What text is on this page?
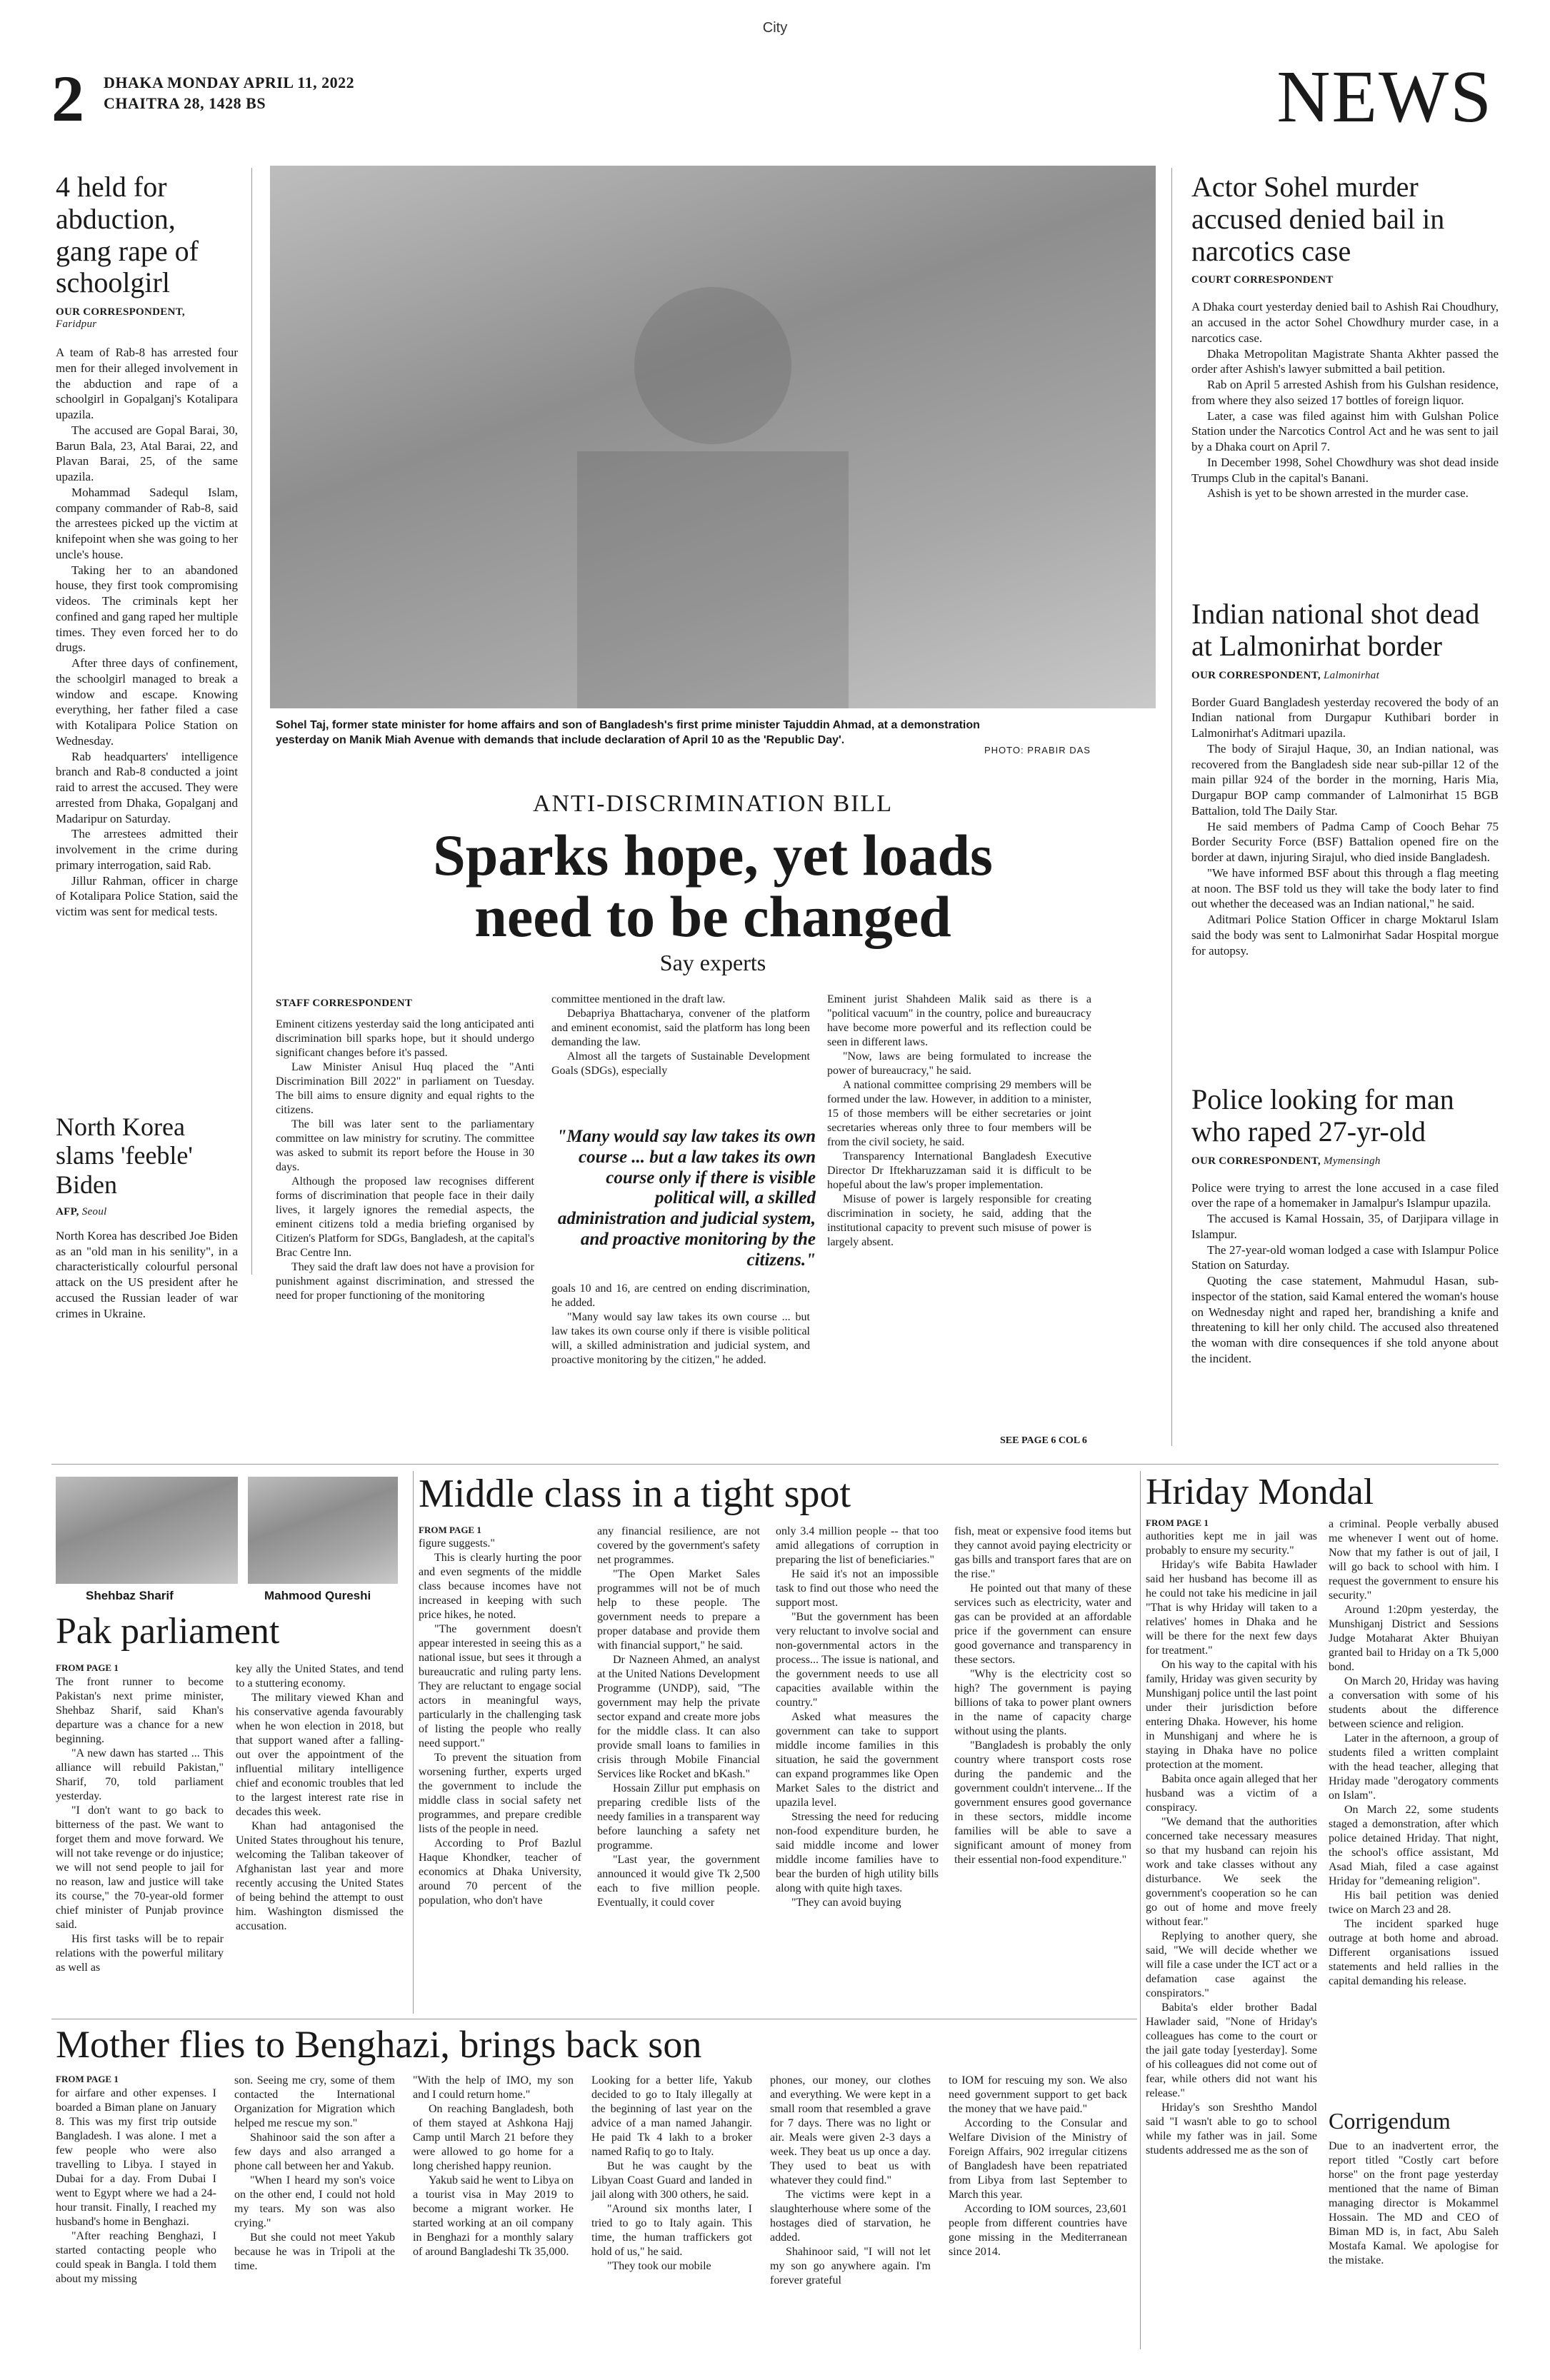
City
2 DHAKA MONDAY APRIL 11, 2022
CHAITRA 28, 1428 BS	NEWS
4 held for abduction, gang rape of schoolgirl
OUR CORRESPONDENT,
Faridpur

A team of Rab-8 has arrested four men for their alleged involvement in the abduction and rape of a schoolgirl in Gopalganj's Kotalipara upazila.

The accused are Gopal Barai, 30, Barun Bala, 23, Atal Barai, 22, and Plavan Barai, 25, of the same upazila.

Mohammad Sadequl Islam, company commander of Rab-8, said the arrestees picked up the victim at knifepoint when she was going to her uncle's house.

Taking her to an abandoned house, they first took compromising videos. The criminals kept her confined and gang raped her multiple times. They even forced her to do drugs.

After three days of confinement, the schoolgirl managed to break a window and escape. Knowing everything, her father filed a case with Kotalipara Police Station on Wednesday.

Rab headquarters' intelligence branch and Rab-8 conducted a joint raid to arrest the accused. They were arrested from Dhaka, Gopalganj and Madaripur on Saturday.

The arrestees admitted their involvement in the crime during primary interrogation, said Rab.

Jillur Rahman, officer in charge of Kotalipara Police Station, said the victim was sent for medical tests.

North Korea slams 'feeble' Biden
AFP, Seoul

North Korea has described Joe Biden as an "old man in his senility", in a characteristically colourful personal attack on the US president after he accused the Russian leader of war crimes in Ukraine.

Sohel Taj, former state minister for home affairs and son of Bangladesh's first prime minister Tajuddin Ahmad, at a demonstration yesterday on Manik Miah Avenue with demands that include declaration of April 10 as the 'Republic Day'.
PHOTO: PRABIR DAS
ANTI-DISCRIMINATION BILL
Sparks hope, yet loads
need to be changed
Say experts
STAFF CORRESPONDENT

Eminent citizens yesterday said the long anticipated anti discrimination bill sparks hope, but it should undergo significant changes before it's passed.

Law Minister Anisul Huq placed the "Anti Discrimination Bill 2022" in parliament on Tuesday. The bill aims to ensure dignity and equal rights to the citizens.

The bill was later sent to the parliamentary committee on law ministry for scrutiny. The committee was asked to submit its report before the House in 30 days.

Although the proposed law recognises different forms of discrimination that people face in their daily lives, it largely ignores the remedial aspects, the eminent citizens told a media briefing organised by Citizen's Platform for SDGs, Bangladesh, at the capital's Brac Centre Inn.

They said the draft law does not have a provision for punishment against discrimination, and stressed the need for proper functioning of the monitoring

committee mentioned in the draft law.

Debapriya Bhattacharya, convener of the platform and eminent economist, said the platform has long been demanding the law.

Almost all the targets of Sustainable Development Goals (SDGs), especially

"Many would say law takes its own course ... but a law takes its own course only if there is visible political will, a skilled administration and judicial system, and proactive monitoring by the citizens."

goals 10 and 16, are centred on ending discrimination, he added.

"Many would say law takes its own course ... but law takes its own course only if there is visible political will, a skilled administration and judicial system, and proactive monitoring by the citizen," he added.

Eminent jurist Shahdeen Malik said as there is a "political vacuum" in the country, police and bureaucracy have become more powerful and its reflection could be seen in different laws.

"Now, laws are being formulated to increase the power of bureaucracy," he said.

A national committee comprising 29 members will be formed under the law. However, in addition to a minister, 15 of those members will be either secretaries or joint secretaries whereas only three to four members will be from the civil society, he said.

Transparency International Bangladesh Executive Director Dr Iftekharuzzaman said it is difficult to be hopeful about the law's proper implementation.

Misuse of power is largely responsible for creating discrimination in society, he said, adding that the institutional capacity to prevent such misuse of power is largely absent.

SEE PAGE 6 COL 6
Actor Sohel murder accused denied bail in narcotics case
COURT CORRESPONDENT

A Dhaka court yesterday denied bail to Ashish Rai Choudhury, an accused in the actor Sohel Chowdhury murder case, in a narcotics case.

Dhaka Metropolitan Magistrate Shanta Akhter passed the order after Ashish's lawyer submitted a bail petition.

Rab on April 5 arrested Ashish from his Gulshan residence, from where they also seized 17 bottles of foreign liquor.

Later, a case was filed against him with Gulshan Police Station under the Narcotics Control Act and he was sent to jail by a Dhaka court on April 7.

In December 1998, Sohel Chowdhury was shot dead inside Trumps Club in the capital's Banani.

Ashish is yet to be shown arrested in the murder case.

Indian national shot dead at Lalmonirhat border
OUR CORRESPONDENT, Lalmonirhat

Border Guard Bangladesh yesterday recovered the body of an Indian national from Durgapur Kuthibari border in Lalmonirhat's Aditmari upazila.

The body of Sirajul Haque, 30, an Indian national, was recovered from the Bangladesh side near sub-pillar 12 of the main pillar 924 of the border in the morning, Haris Mia, Durgapur BOP camp commander of Lalmonirhat 15 BGB Battalion, told The Daily Star.

He said members of Padma Camp of Cooch Behar 75 Border Security Force (BSF) Battalion opened fire on the border at dawn, injuring Sirajul, who died inside Bangladesh.

"We have informed BSF about this through a flag meeting at noon. The BSF told us they will take the body later to find out whether the deceased was an Indian national," he said.

Aditmari Police Station Officer in charge Moktarul Islam said the body was sent to Lalmonirhat Sadar Hospital morgue for autopsy.

Police looking for man who raped 27-yr-old
OUR CORRESPONDENT, Mymensingh

Police were trying to arrest the lone accused in a case filed over the rape of a homemaker in Jamalpur's Islampur upazila.

The accused is Kamal Hossain, 35, of Darjipara village in Islampur.

The 27-year-old woman lodged a case with Islampur Police Station on Saturday.

Quoting the case statement, Mahmudul Hasan, sub-inspector of the station, said Kamal entered the woman's house on Wednesday night and raped her, brandishing a knife and threatening to kill her only child. The accused also threatened the woman with dire consequences if she told anyone about the incident.

Shehbaz Sharif	Mahmood Qureshi
Pak parliament
FROM PAGE 1

The front runner to become Pakistan's next prime minister, Shehbaz Sharif, said Khan's departure was a chance for a new beginning.

"A new dawn has started ... This alliance will rebuild Pakistan," Sharif, 70, told parliament yesterday.

"I don't want to go back to bitterness of the past. We want to forget them and move forward. We will not take revenge or do injustice; we will not send people to jail for no reason, law and justice will take its course," the 70-year-old former chief minister of Punjab province said.

His first tasks will be to repair relations with the powerful military as well as

key ally the United States, and tend to a stuttering economy.

The military viewed Khan and his conservative agenda favourably when he won election in 2018, but that support waned after a falling-out over the appointment of the influential military intelligence chief and economic troubles that led to the largest interest rate rise in decades this week.

Khan had antagonised the United States throughout his tenure, welcoming the Taliban takeover of Afghanistan last year and more recently accusing the United States of being behind the attempt to oust him. Washington dismissed the accusation.

Middle class in a tight spot
FROM PAGE 1

figure suggests."

This is clearly hurting the poor and even segments of the middle class because incomes have not increased in keeping with such price hikes, he noted.

"The government doesn't appear interested in seeing this as a national issue, but sees it through a bureaucratic and ruling party lens. They are reluctant to engage social actors in meaningful ways, particularly in the challenging task of listing the people who really need support."

To prevent the situation from worsening further, experts urged the government to include the middle class in social safety net programmes, and prepare credible lists of the people in need.

According to Prof Bazlul Haque Khondker, teacher of economics at Dhaka University, around 70 percent of the population, who don't have

any financial resilience, are not covered by the government's safety net programmes.

"The Open Market Sales programmes will not be of much help to these people. The government needs to prepare a proper database and provide them with financial support," he said.

Dr Nazneen Ahmed, an analyst at the United Nations Development Programme (UNDP), said, "The government may help the private sector expand and create more jobs for the middle class. It can also provide small loans to families in crisis through Mobile Financial Services like Rocket and bKash."

Hossain Zillur put emphasis on preparing credible lists of the needy families in a transparent way before launching a safety net programme.

"Last year, the government announced it would give Tk 2,500 each to five million people. Eventually, it could cover

only 3.4 million people -- that too amid allegations of corruption in preparing the list of beneficiaries."

He said it's not an impossible task to find out those who need the support most.

"But the government has been very reluctant to involve social and non-governmental actors in the process... The issue is national, and the government needs to use all capacities available within the country."

Asked what measures the government can take to support middle income families in this situation, he said the government can expand programmes like Open Market Sales to the district and upazila level.

Stressing the need for reducing non-food expenditure burden, he said middle income and lower middle income families have to bear the burden of high utility bills along with quite high taxes.

"They can avoid buying

fish, meat or expensive food items but they cannot avoid paying electricity or gas bills and transport fares that are on the rise."

He pointed out that many of these services such as electricity, water and gas can be provided at an affordable price if the government can ensure good governance and transparency in these sectors.

"Why is the electricity cost so high? The government is paying billions of taka to power plant owners in the name of capacity charge without using the plants.

"Bangladesh is probably the only country where transport costs rose during the pandemic and the government couldn't intervene... If the government ensures good governance in these sectors, middle income families will be able to save a significant amount of money from their essential non-food expenditure."

Hriday Mondal
FROM PAGE 1

authorities kept me in jail was probably to ensure my security."

Hriday's wife Babita Hawlader said her husband has become ill as he could not take his medicine in jail "That is why Hriday will taken to a relatives' homes in Dhaka and he will be there for the next few days for treatment."

On his way to the capital with his family, Hriday was given security by Munshiganj police until the last point under their jurisdiction before entering Dhaka. However, his home in Munshiganj and where he is staying in Dhaka have no police protection at the moment.

Babita once again alleged that her husband was a victim of a conspiracy.

"We demand that the authorities concerned take necessary measures so that my husband can rejoin his work and take classes without any disturbance. We seek the government's cooperation so he can go out of home and move freely without fear."

Replying to another query, she said, "We will decide whether we will file a case under the ICT act or a defamation case against the conspirators."

Babita's elder brother Badal Hawlader said, "None of Hriday's colleagues has come to the court or the jail gate today [yesterday]. Some of his colleagues did not come out of fear, while others did not want his release."

Hriday's son Sreshtho Mandol said "I wasn't able to go to school while my father was in jail. Some students addressed me as the son of

a criminal. People verbally abused me whenever I went out of home. Now that my father is out of jail, I will go back to school with him. I request the government to ensure his security."

Around 1:20pm yesterday, the Munshiganj District and Sessions Judge Motaharat Akter Bhuiyan granted bail to Hriday on a Tk 5,000 bond.

On March 20, Hriday was having a conversation with some of his students about the difference between science and religion.

Later in the afternoon, a group of students filed a written complaint with the head teacher, alleging that Hriday made "derogatory comments on Islam".

On March 22, some students staged a demonstration, after which police detained Hriday. That night, the school's office assistant, Md Asad Miah, filed a case against Hriday for "demeaning religion".

His bail petition was denied twice on March 23 and 28.

The incident sparked huge outrage at both home and abroad. Different organisations issued statements and held rallies in the capital demanding his release.

Corrigendum

Due to an inadvertent error, the report titled "Costly cart before horse" on the front page yesterday mentioned that the name of Biman managing director is Mokammel Hossain. The MD and CEO of Biman MD is, in fact, Abu Saleh Mostafa Kamal. We apologise for the mistake.

Mother flies to Benghazi, brings back son
FROM PAGE 1

for airfare and other expenses. I boarded a Biman plane on January 8. This was my first trip outside Bangladesh. I was alone. I met a few people who were also travelling to Libya. I stayed in Dubai for a day. From Dubai I went to Egypt where we had a 24-hour transit. Finally, I reached my husband's home in Benghazi.

"After reaching Benghazi, I started contacting people who could speak in Bangla. I told them about my missing

son. Seeing me cry, some of them contacted the International Organization for Migration which helped me rescue my son."

Shahinoor said the son after a few days and also arranged a phone call between her and Yakub.

"When I heard my son's voice on the other end, I could not hold my tears. My son was also crying."

But she could not meet Yakub because he was in Tripoli at the time.

"With the help of IMO, my son and I could return home."

On reaching Bangladesh, both of them stayed at Ashkona Hajj Camp until March 21 before they were allowed to go home for a long cherished happy reunion.

Yakub said he went to Libya on a tourist visa in May 2019 to become a migrant worker. He started working at an oil company in Benghazi for a monthly salary of around Bangladeshi Tk 35,000.

Looking for a better life, Yakub decided to go to Italy illegally at the beginning of last year on the advice of a man named Jahangir. He paid Tk 4 lakh to a broker named Rafiq to go to Italy.

But he was caught by the Libyan Coast Guard and landed in jail along with 300 others, he said.

"Around six months later, I tried to go to Italy again. This time, the human traffickers got hold of us," he said.

"They took our mobile

phones, our money, our clothes and everything. We were kept in a small room that resembled a grave for 7 days. There was no light or air. Meals were given 2-3 days a week. They beat us up once a day. They used to beat us with whatever they could find."

The victims were kept in a slaughterhouse where some of the hostages died of starvation, he added.

Shahinoor said, "I will not let my son go anywhere again. I'm forever grateful

to IOM for rescuing my son. We also need government support to get back the money that we have paid."

According to the Consular and Welfare Division of the Ministry of Foreign Affairs, 902 irregular citizens of Bangladesh have been repatriated from Libya from last September to March this year.

According to IOM sources, 23,601 people from different countries have gone missing in the Mediterranean since 2014.
